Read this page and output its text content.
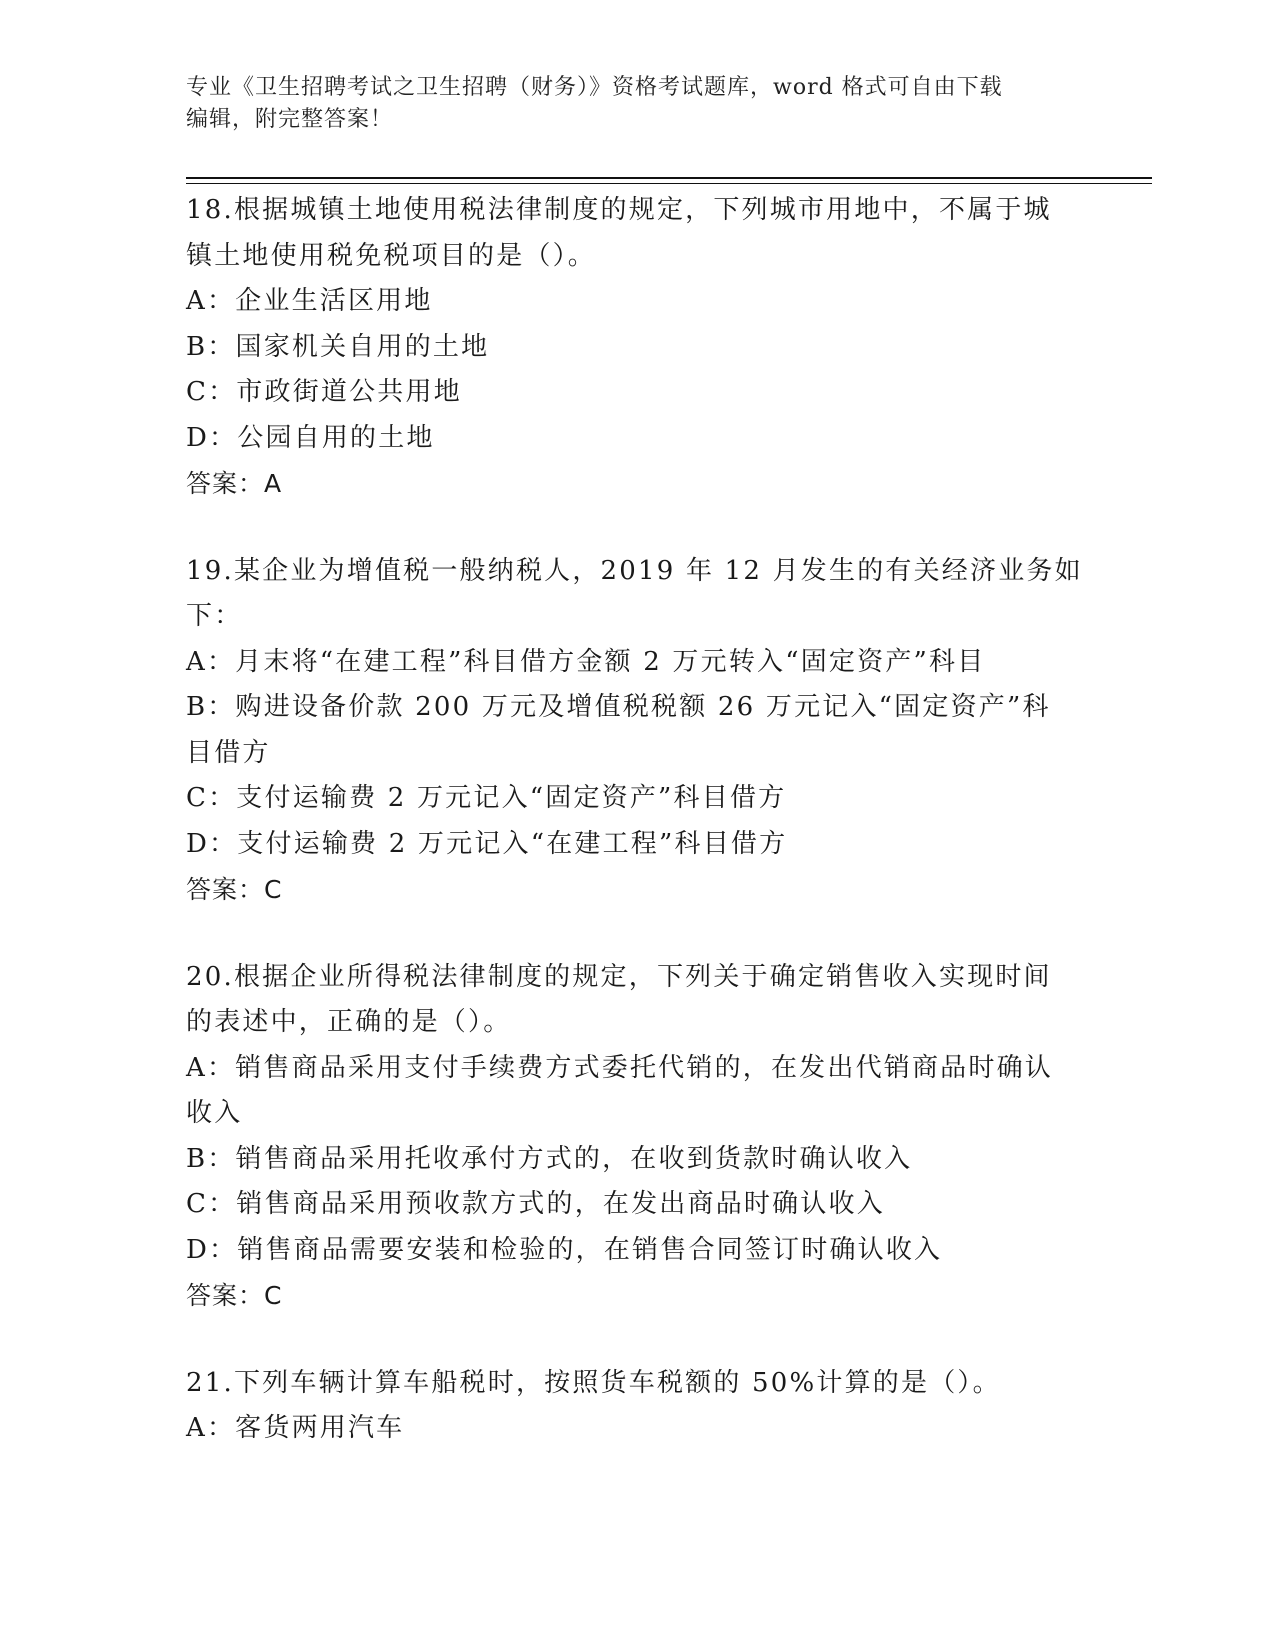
专业《卫生招聘考试之卫生招聘（财务）》资格考试题库，word 格式可自由下载
编辑，附完整答案！
18.根据城镇土地使用税法律制度的规定，下列城市用地中，不属于城
镇土地使用税免税项目的是（）。
A：企业生活区用地
B：国家机关自用的土地
C：市政街道公共用地
D：公园自用的土地
答案：A
19.某企业为增值税一般纳税人，2019 年 12 月发生的有关经济业务如
下：
A：月末将“在建工程”科目借方金额 2 万元转入“固定资产”科目
B：购进设备价款 200 万元及增值税税额 26 万元记入“固定资产”科
目借方
C：支付运输费 2 万元记入“固定资产”科目借方
D：支付运输费 2 万元记入“在建工程”科目借方
答案：C
20.根据企业所得税法律制度的规定，下列关于确定销售收入实现时间
的表述中，正确的是（）。
A：销售商品采用支付手续费方式委托代销的，在发出代销商品时确认
收入
B：销售商品采用托收承付方式的，在收到货款时确认收入
C：销售商品采用预收款方式的，在发出商品时确认收入
D：销售商品需要安装和检验的，在销售合同签订时确认收入
答案：C
21.下列车辆计算车船税时，按照货车税额的 50%计算的是（）。
A：客货两用汽车
